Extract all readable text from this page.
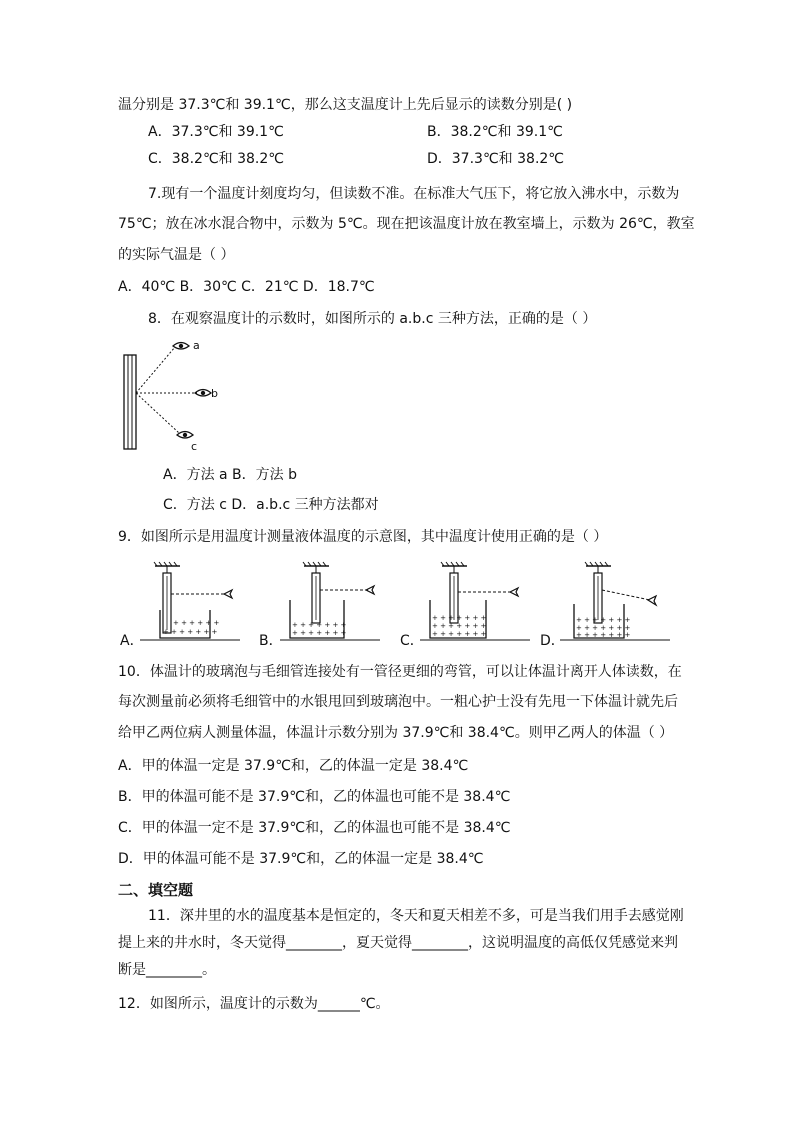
温分别是 37.3℃和 39.1℃，那么这支温度计上先后显示的读数分别是( )
A．37.3℃和 39.1℃	B．38.2℃和 39.1℃
C．38.2℃和 38.2℃	D．37.3℃和 38.2℃
7.现有一个温度计刻度均匀，但读数不准。在标准大气压下，将它放入沸水中，示数为
75℃；放在冰水混合物中，示数为 5℃。现在把该温度计放在教室墙上，示数为 26℃，教室
的实际气温是（ ）
A．40℃ B．30℃ C．21℃ D．18.7℃
8．在观察温度计的示数时，如图所示的 a.b.c 三种方法，正确的是（ ）
a
b
c
A．方法 a B．方法 b
C．方法 c D．a.b.c 三种方法都对
9．如图所示是用温度计测量液体温度的示意图，其中温度计使用正确的是（ ）
+ + + + + +
+ + + + + + +
+ + + + + + +
+ + + + + + +
+ + + + + + +
+ + + + + + +
+ + + + + + +
+ + + + + + +
+ + + + + + +
+ + + + + + +
A．	B．	C．	D．
10．体温计的玻璃泡与毛细管连接处有一管径更细的弯管，可以让体温计离开人体读数，在
每次测量前必须将毛细管中的水银甩回到玻璃泡中。一粗心护士没有先甩一下体温计就先后
给甲乙两位病人测量体温，体温计示数分别为 37.9℃和 38.4℃。则甲乙两人的体温（ ）
A．甲的体温一定是 37.9℃和，乙的体温一定是 38.4℃
B．甲的体温可能不是 37.9℃和，乙的体温也可能不是 38.4℃
C．甲的体温一定不是 37.9℃和，乙的体温也可能不是 38.4℃
D．甲的体温可能不是 37.9℃和，乙的体温一定是 38.4℃
二、填空题
11．深井里的水的温度基本是恒定的，冬天和夏天相差不多，可是当我们用手去感觉刚
提上来的井水时，冬天觉得________，夏天觉得________，这说明温度的高低仅凭感觉来判
断是________。
12．如图所示，温度计的示数为______℃。
